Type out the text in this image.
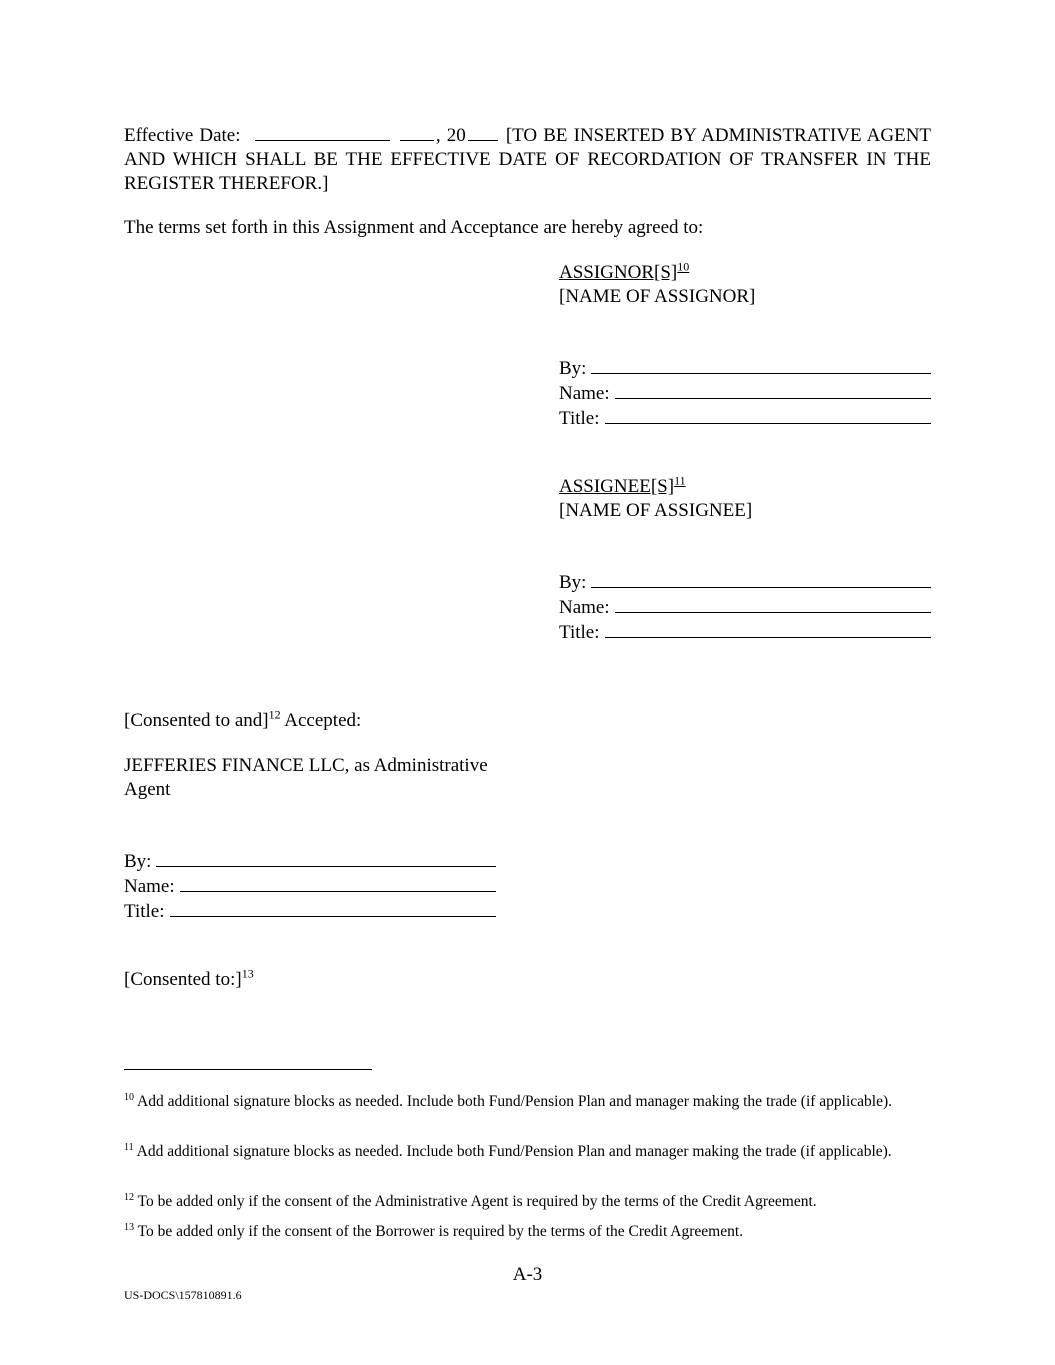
Effective Date:	, 20 [TO BE INSERTED BY ADMINISTRATIVE AGENT AND WHICH SHALL BE THE EFFECTIVE DATE OF RECORDATION OF TRANSFER IN THE REGISTER THEREFOR.]
The terms set forth in this Assignment and Acceptance are hereby agreed to:
$ASSIGNOR[S]^{10}$
[NAME OF ASSIGNOR]
By:
Name:
Title:
$ASSIGNEE[S]^{11}$
[NAME OF ASSIGNEE]
By:
Name:
Title:
[Consented to and]$^{12}$ Accepted:
JEFFERIES FINANCE LLC, as Administrative
Agent
By:
Name:
Title:
[Consented to:]$^{13}$
$^{10}$ Add additional signature blocks as needed. Include both Fund/Pension Plan and manager making the trade (if applicable).
$^{11}$ Add additional signature blocks as needed. Include both Fund/Pension Plan and manager making the trade (if applicable).
$^{12}$ To be added only if the consent of the Administrative Agent is required by the terms of the Credit Agreement.
$^{13}$ To be added only if the consent of the Borrower is required by the terms of the Credit Agreement.
A-3
US-DOCS\157810891.6
